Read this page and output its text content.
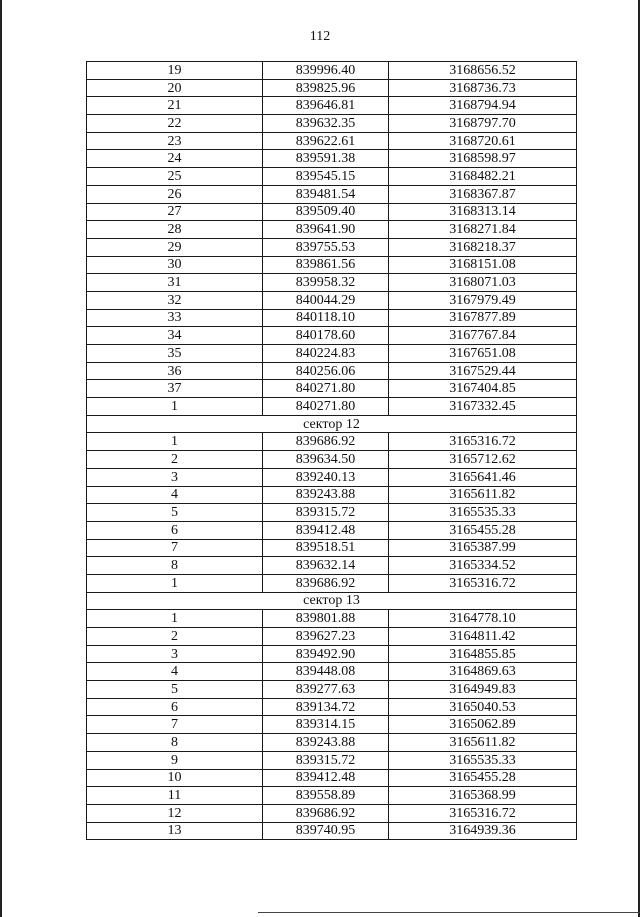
112
19	839996.40	3168656.52
20	839825.96	3168736.73
21	839646.81	3168794.94
22	839632.35	3168797.70
23	839622.61	3168720.61
24	839591.38	3168598.97
25	839545.15	3168482.21
26	839481.54	3168367.87
27	839509.40	3168313.14
28	839641.90	3168271.84
29	839755.53	3168218.37
30	839861.56	3168151.08
31	839958.32	3168071.03
32	840044.29	3167979.49
33	840118.10	3167877.89
34	840178.60	3167767.84
35	840224.83	3167651.08
36	840256.06	3167529.44
37	840271.80	3167404.85
1	840271.80	3167332.45
сектор 12		
1	839686.92	3165316.72
2	839634.50	3165712.62
3	839240.13	3165641.46
4	839243.88	3165611.82
5	839315.72	3165535.33
6	839412.48	3165455.28
7	839518.51	3165387.99
8	839632.14	3165334.52
1	839686.92	3165316.72
сектор 13		
1	839801.88	3164778.10
2	839627.23	3164811.42
3	839492.90	3164855.85
4	839448.08	3164869.63
5	839277.63	3164949.83
6	839134.72	3165040.53
7	839314.15	3165062.89
8	839243.88	3165611.82
9	839315.72	3165535.33
10	839412.48	3165455.28
11	839558.89	3165368.99
12	839686.92	3165316.72
13	839740.95	3164939.36
